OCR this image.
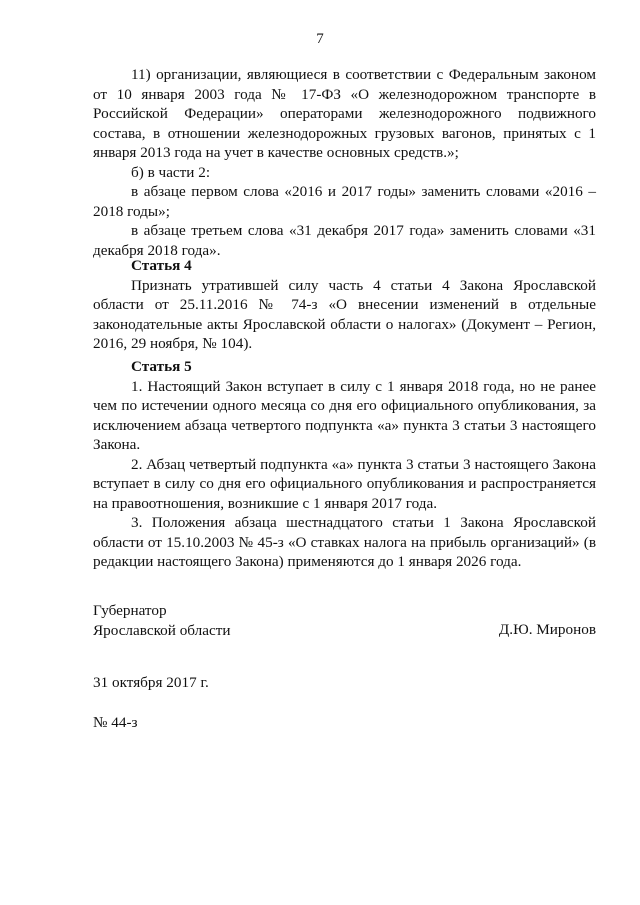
7

11) организации, являющиеся в соответствии с Федеральным законом от 10 января 2003 года № 17-ФЗ «О железнодорожном транспорте в Российской Федерации» операторами железнодорожного подвижного состава, в отношении железнодорожных грузовых вагонов, принятых с 1 января 2013 года на учет в качестве основных средств.»;

б) в части 2:

в абзаце первом слова «2016 и 2017 годы» заменить словами «2016 – 2018 годы»;

в абзаце третьем слова «31 декабря 2017 года» заменить словами «31 декабря 2018 года».

Статья 4

Признать утратившей силу часть 4 статьи 4 Закона Ярославской области от 25.11.2016 № 74-з «О внесении изменений в отдельные законодательные акты Ярославской области о налогах» (Документ – Регион, 2016, 29 ноября, № 104).

Статья 5

1. Настоящий Закон вступает в силу с 1 января 2018 года, но не ранее чем по истечении одного месяца со дня его официального опубликования, за исключением абзаца четвертого подпункта «а» пункта 3 статьи 3 настоящего Закона.

2. Абзац четвертый подпункта «а» пункта 3 статьи 3 настоящего Закона вступает в силу со дня его официального опубликования и распространяется на правоотношения, возникшие с 1 января 2017 года.

3. Положения абзаца шестнадцатого статьи 1 Закона Ярославской области от 15.10.2003 № 45-з «О ставках налога на прибыль организаций» (в редакции настоящего Закона) применяются до 1 января 2026 года.

Губернатор
Ярославской области	Д.Ю. Миронов
31 октября 2017 г.
№ 44-з
